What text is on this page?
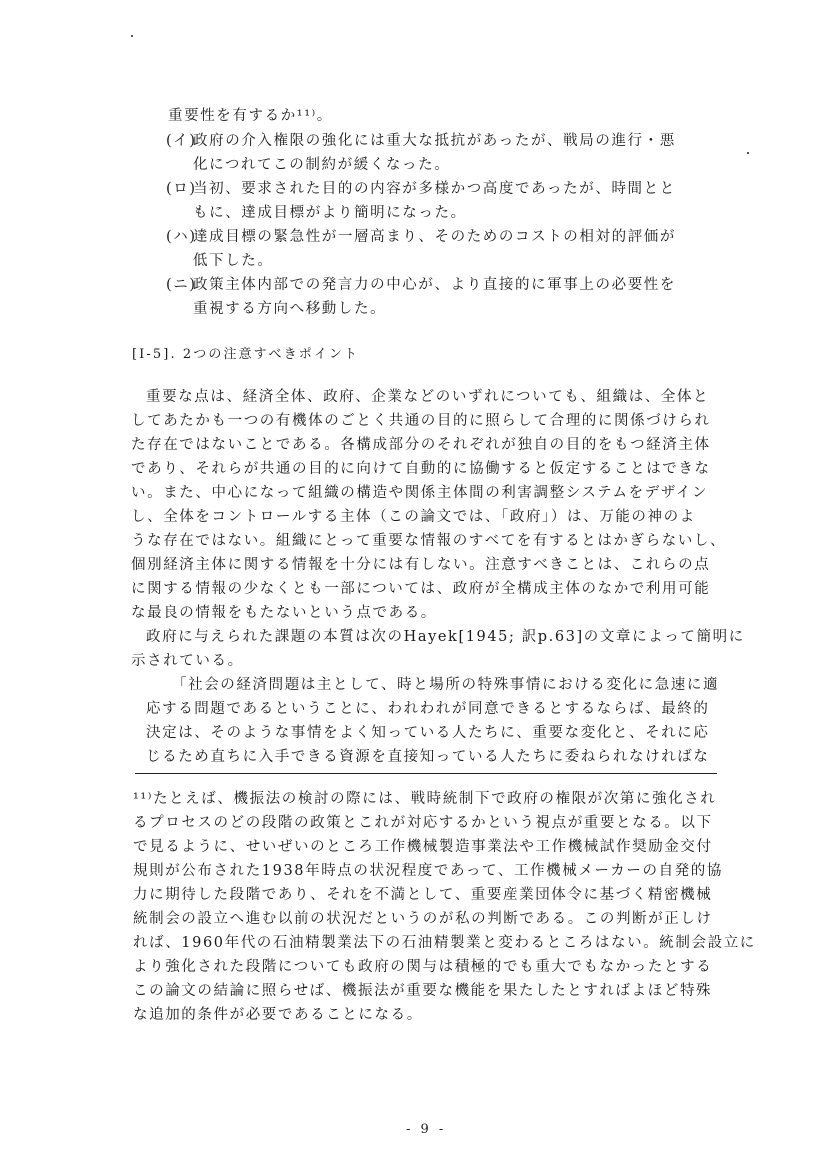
重要性を有するか¹¹⁾。
(イ)
政府の介入権限の強化には重大な抵抗があったが、戦局の進行・悪
化につれてこの制約が緩くなった。
(ロ)
当初、要求された目的の内容が多様かつ高度であったが、時間とと
もに、達成目標がより簡明になった。
(ハ)
達成目標の緊急性が一層高まり、そのためのコストの相対的評価が
低下した。
(ニ)
政策主体内部での発言力の中心が、より直接的に軍事上の必要性を
重視する方向へ移動した。
[I-5]. 2つの注意すべきポイント
重要な点は、経済全体、政府、企業などのいずれについても、組織は、全体と
してあたかも一つの有機体のごとく共通の目的に照らして合理的に関係づけられ
た存在ではないことである。各構成部分のそれぞれが独自の目的をもつ経済主体
であり、それらが共通の目的に向けて自動的に協働すると仮定することはできな
い。また、中心になって組織の構造や関係主体間の利害調整システムをデザイン
し、全体をコントロールする主体（この論文では、「政府」）は、万能の神のよ
うな存在ではない。組織にとって重要な情報のすべてを有するとはかぎらないし、
個別経済主体に関する情報を十分には有しない。注意すべきことは、これらの点
に関する情報の少なくとも一部については、政府が全構成主体のなかで利用可能
な最良の情報をもたないという点である。
政府に与えられた課題の本質は次のHayek[1945; 訳p.63]の文章によって簡明に
示されている。
「社会の経済問題は主として、時と場所の特殊事情における変化に急速に適
応する問題であるということに、われわれが同意できるとするならば、最終的
決定は、そのような事情をよく知っている人たちに、重要な変化と、それに応
じるため直ちに入手できる資源を直接知っている人たちに委ねられなければな
¹¹⁾たとえば、機振法の検討の際には、戦時統制下で政府の権限が次第に強化され
るプロセスのどの段階の政策とこれが対応するかという視点が重要となる。以下
で見るように、せいぜいのところ工作機械製造事業法や工作機械試作奨励金交付
規則が公布された1938年時点の状況程度であって、工作機械メーカーの自発的協
力に期待した段階であり、それを不満として、重要産業団体令に基づく精密機械
統制会の設立へ進む以前の状況だというのが私の判断である。この判断が正しけ
れば、1960年代の石油精製業法下の石油精製業と変わるところはない。統制会設立に
より強化された段階についても政府の関与は積極的でも重大でもなかったとする
この論文の結論に照らせば、機振法が重要な機能を果たしたとすればよほど特殊
な追加的条件が必要であることになる。
- 9 -
